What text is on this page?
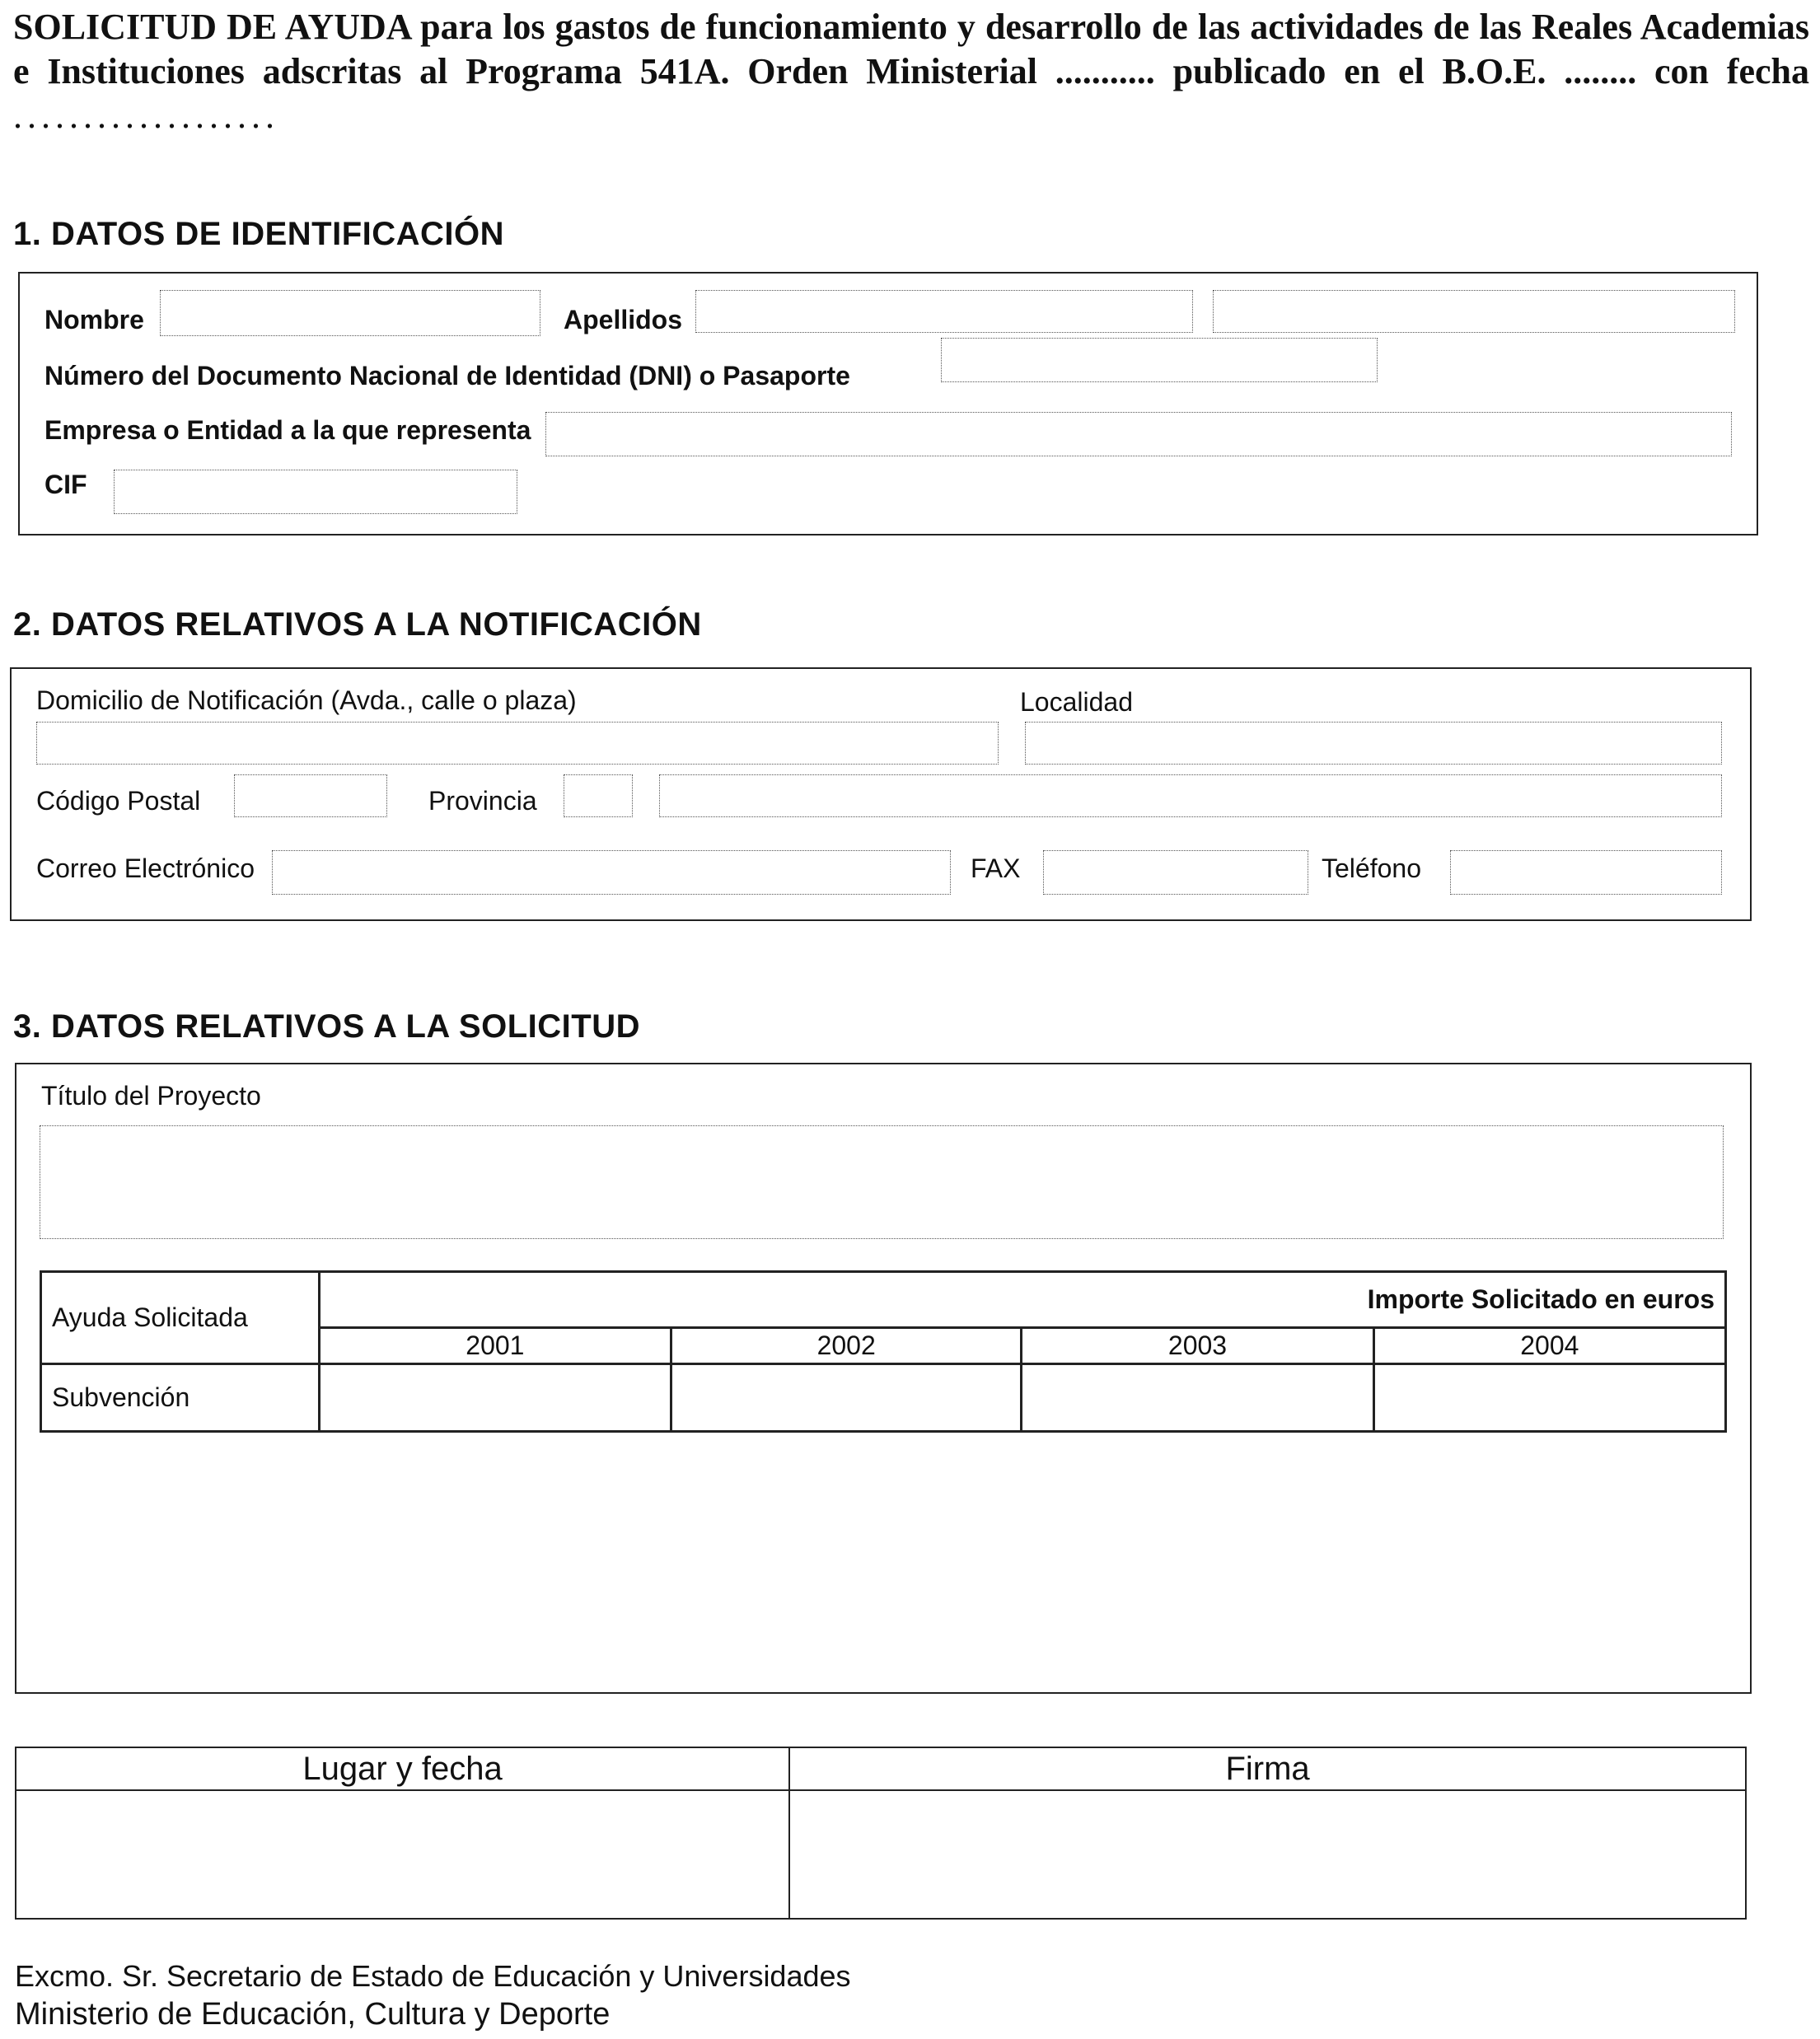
SOLICITUD DE AYUDA para los gastos de funcionamiento y desarrollo de las actividades de las Reales Academias
e Instituciones adscritas al Programa 541A. Orden Ministerial ........... publicado en el B.O.E. ........ con fecha
...................
1. DATOS DE IDENTIFICACIÓN
Nombre	Apellidos
Número del Documento Nacional de Identidad (DNI) o Pasaporte
Empresa o Entidad a la que representa
CIF
2. DATOS RELATIVOS A LA NOTIFICACIÓN
Domicilio de Notificación (Avda., calle o plaza)	Localidad
Código Postal	Provincia
Correo Electrónico	FAX	Teléfono
3. DATOS RELATIVOS A LA SOLICITUD
Título del Proyecto
Ayuda Solicitada	Importe Solicitado en euros			
	2001	2002	2003	2004
Subvención				
Lugar y fecha	Firma

Excmo. Sr. Secretario de Estado de Educación y Universidades
Ministerio de Educación, Cultura y Deporte
